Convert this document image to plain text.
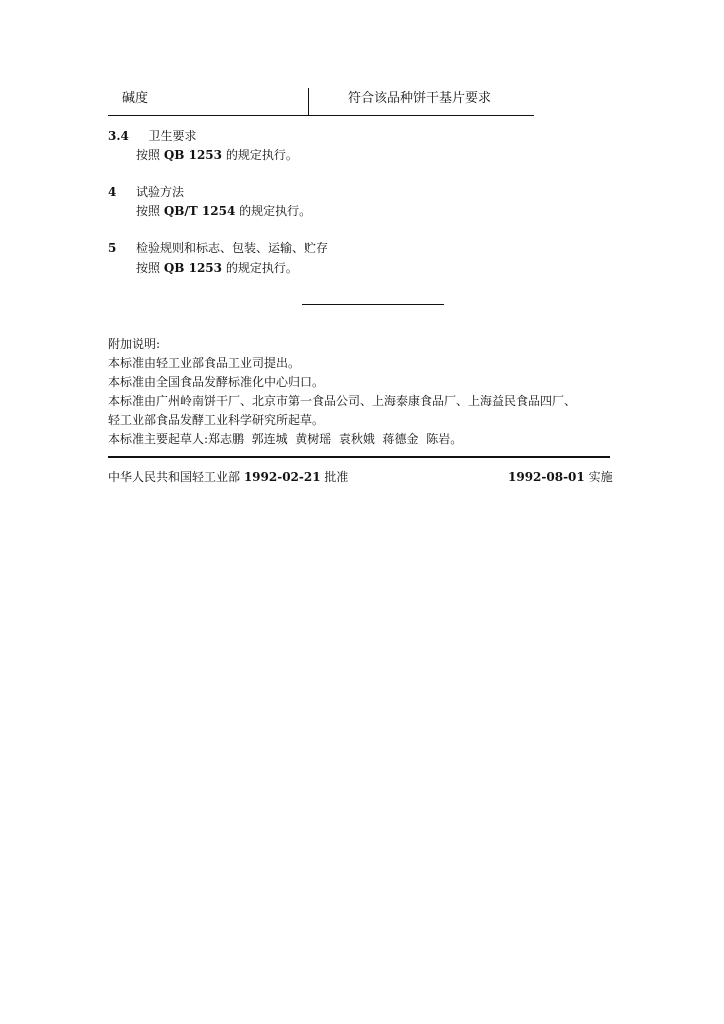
碱度	符合该品种饼干基片要求
3.4 卫生要求
按照 QB 1253 的规定执行。
4 试验方法
按照 QB/T 1254 的规定执行。
5 检验规则和标志、包装、运输、贮存
按照 QB 1253 的规定执行。
附加说明:
本标准由轻工业部食品工业司提出。
本标准由全国食品发酵标准化中心归口。
本标准由广州岭南饼干厂、北京市第一食品公司、上海泰康食品厂、上海益民食品四厂、
轻工业部食品发酵工业科学研究所起草。
本标准主要起草人:郑志鹏  郭连城  黄树瑶  袁秋娥  蒋德金  陈岩。
中华人民共和国轻工业部 1992-02-21 批准	1992-08-01 实施
